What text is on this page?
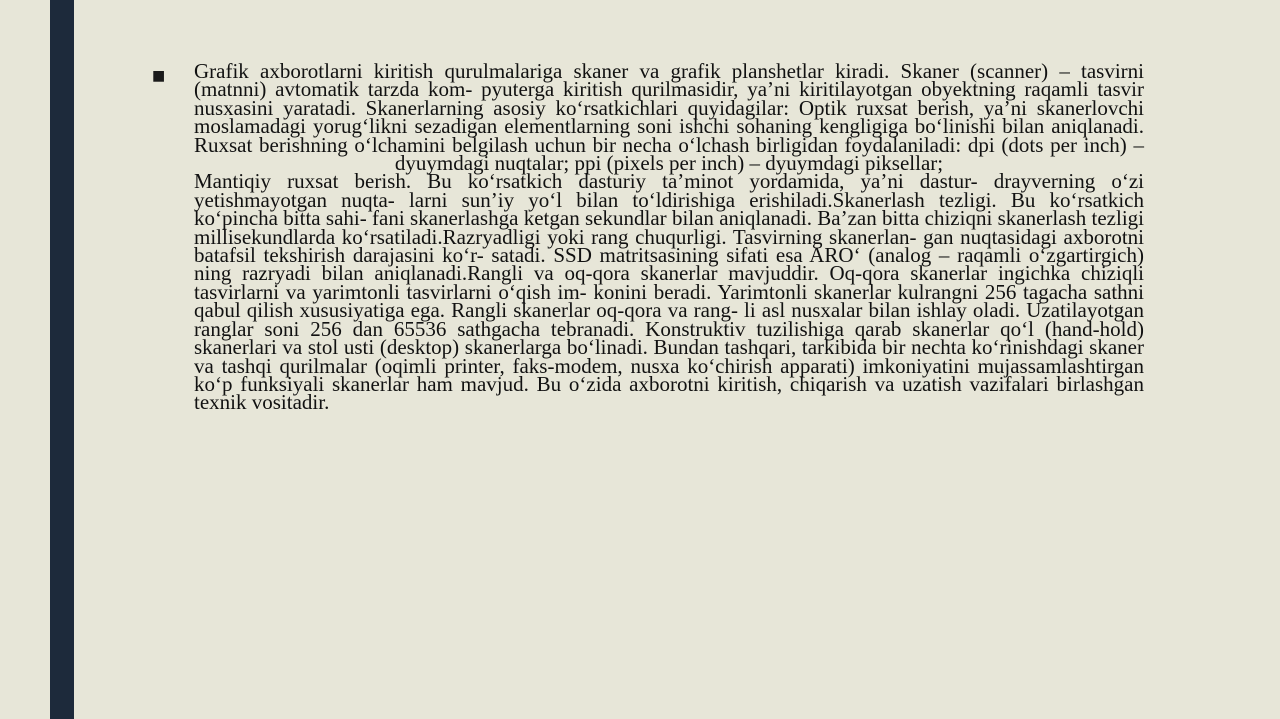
■ Grafik axborotlarni kiritish qurulmalariga skaner va grafik planshetlar kiradi. Skaner (scanner) – tasvirni (matnni) avtomatik tarzda kom- pyuterga kiritish qurilmasidir, ya’ni kiritilayotgan obyektning raqamli tasvir nusxasini yaratadi. Skanerlarning asosiy ko‘rsatkichlari quyidagilar: Optik ruxsat berish, ya’ni skanerlovchi moslamadagi yorug‘likni sezadigan elementlarning soni ishchi sohaning kengligiga bo‘linishi bilan aniqlanadi. Ruxsat berishning o‘lchamini belgilash uchun bir necha o‘lchash birligidan foydalaniladi: dpi (dots per inch) – dyuymdagi nuqtalar; ppi (pixels per inch) – dyuymdagi piksellar;

Mantiqiy ruxsat berish. Bu ko‘rsatkich dasturiy ta’minot yordamida, ya’ni dastur- drayverning o‘zi yetishmayotgan nuqta- larni sun’iy yo‘l bilan to‘ldirishiga erishiladi.Skanerlash tezligi. Bu ko‘rsatkich ko‘pincha bitta sahi- fani skanerlashga ketgan sekundlar bilan aniqlanadi. Ba’zan bitta chiziqni skanerlash tezligi millisekundlarda ko‘rsatiladi.Razryadligi yoki rang chuqurligi. Tasvirning skanerlan- gan nuqtasidagi axborotni batafsil tekshirish darajasini ko‘r- satadi. SSD matritsasining sifati esa ARO‘ (analog – raqamli o‘zgartirgich) ning razryadi bilan aniqlanadi.Rangli va oq-qora skanerlar mavjuddir. Oq-qora skanerlar ingichka chiziqli tasvirlarni va yarimtonli tasvirlarni o‘qish im- konini beradi. Yarimtonli skanerlar kulrangni 256 tagacha sathni qabul qilish xususiyatiga ega. Rangli skanerlar oq-qora va rang- li asl nusxalar bilan ishlay oladi. Uzatilayotgan ranglar soni 256 dan 65536 sathgacha tebranadi. Konstruktiv tuzilishiga qarab skanerlar qo‘l (hand-hold) skanerlari va stol usti (desktop) skanerlarga bo‘linadi. Bundan tashqari, tarkibida bir nechta ko‘rinishdagi skaner va tashqi qurilmalar (oqimli printer, faks-modem, nusxa ko‘chirish apparati) imkoniyatini mujassamlashtirgan ko‘p funksiyali skanerlar ham mavjud. Bu o‘zida axborotni kiritish, chiqarish va uzatish vazifalari birlashgan texnik vositadir.
